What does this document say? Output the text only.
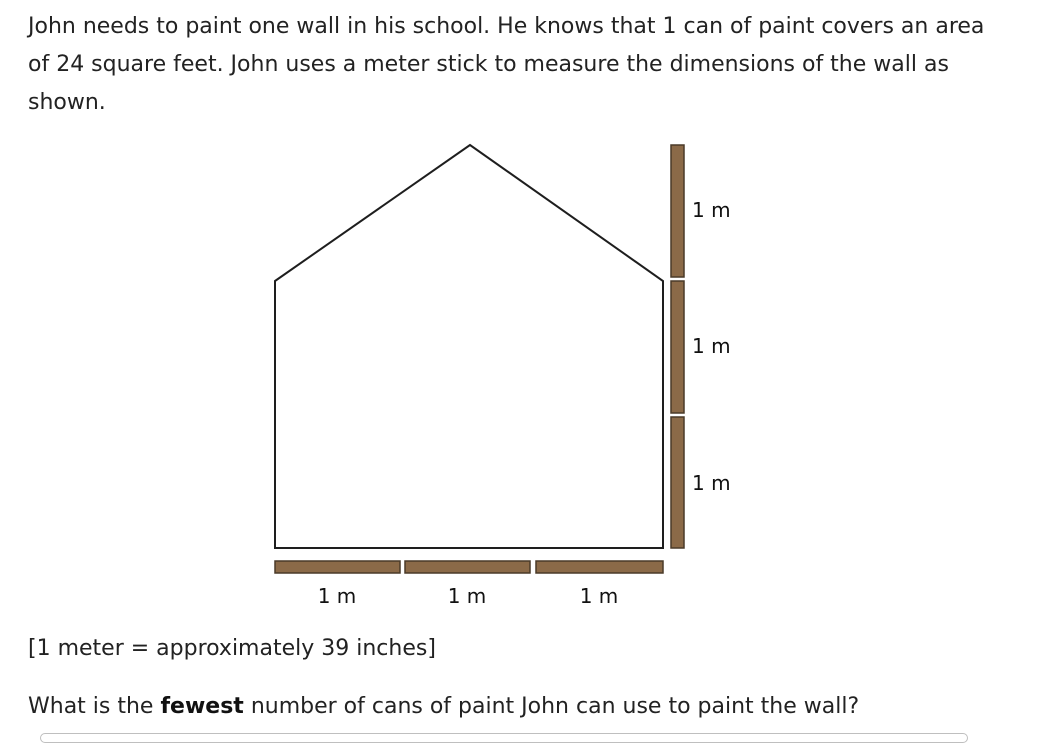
John needs to paint one wall in his school. He knows that 1 can of paint covers an area of 24 square feet. John uses a meter stick to measure the dimensions of the wall as shown.

1 m
1 m
1 m
1 m	1 m	1 m

[1 meter = approximately 39 inches]

What is the fewest number of cans of paint John can use to paint the wall?
